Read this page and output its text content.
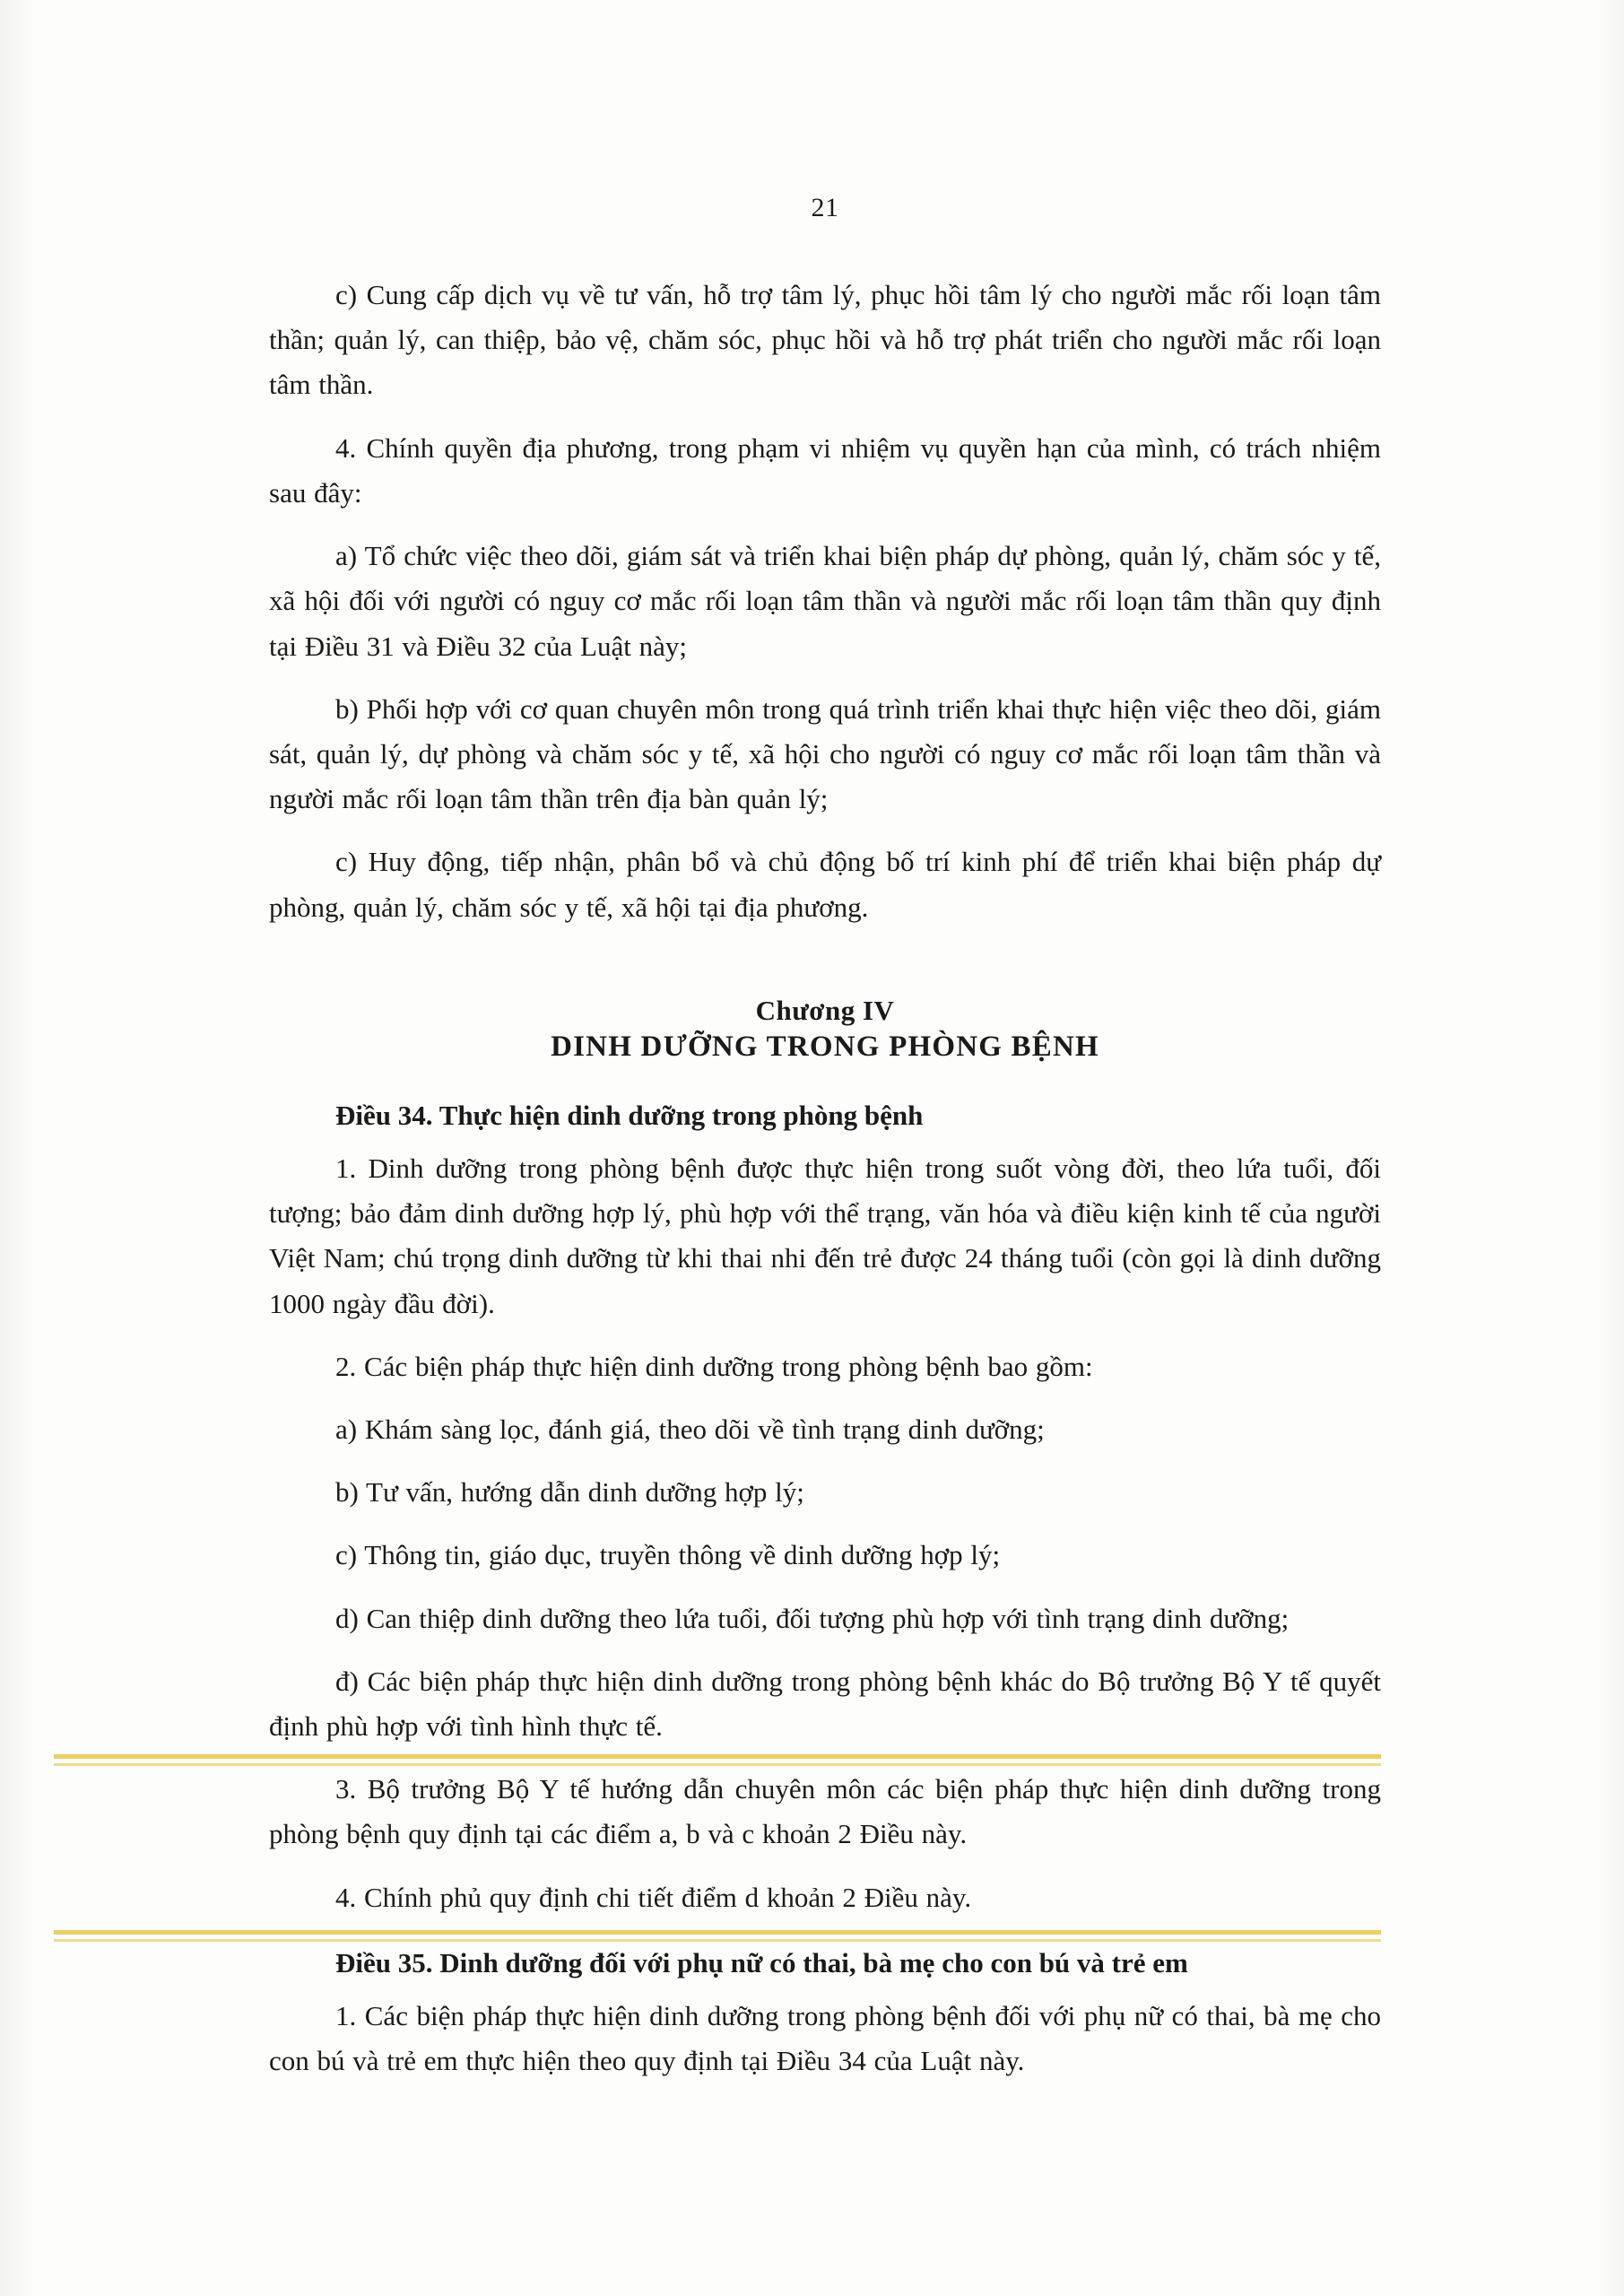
21

c) Cung cấp dịch vụ về tư vấn, hỗ trợ tâm lý, phục hồi tâm lý cho người mắc rối loạn tâm thần; quản lý, can thiệp, bảo vệ, chăm sóc, phục hồi và hỗ trợ phát triển cho người mắc rối loạn tâm thần.

4. Chính quyền địa phương, trong phạm vi nhiệm vụ quyền hạn của mình, có trách nhiệm sau đây:

a) Tổ chức việc theo dõi, giám sát và triển khai biện pháp dự phòng, quản lý, chăm sóc y tế, xã hội đối với người có nguy cơ mắc rối loạn tâm thần và người mắc rối loạn tâm thần quy định tại Điều 31 và Điều 32 của Luật này;

b) Phối hợp với cơ quan chuyên môn trong quá trình triển khai thực hiện việc theo dõi, giám sát, quản lý, dự phòng và chăm sóc y tế, xã hội cho người có nguy cơ mắc rối loạn tâm thần và người mắc rối loạn tâm thần trên địa bàn quản lý;

c) Huy động, tiếp nhận, phân bổ và chủ động bố trí kinh phí để triển khai biện pháp dự phòng, quản lý, chăm sóc y tế, xã hội tại địa phương.

Chương IV
DINH DƯỠNG TRONG PHÒNG BỆNH
Điều 34. Thực hiện dinh dưỡng trong phòng bệnh

1. Dinh dưỡng trong phòng bệnh được thực hiện trong suốt vòng đời, theo lứa tuổi, đối tượng; bảo đảm dinh dưỡng hợp lý, phù hợp với thể trạng, văn hóa và điều kiện kinh tế của người Việt Nam; chú trọng dinh dưỡng từ khi thai nhi đến trẻ được 24 tháng tuổi (còn gọi là dinh dưỡng 1000 ngày đầu đời).

2. Các biện pháp thực hiện dinh dưỡng trong phòng bệnh bao gồm:

a) Khám sàng lọc, đánh giá, theo dõi về tình trạng dinh dưỡng;

b) Tư vấn, hướng dẫn dinh dưỡng hợp lý;

c) Thông tin, giáo dục, truyền thông về dinh dưỡng hợp lý;

d) Can thiệp dinh dưỡng theo lứa tuổi, đối tượng phù hợp với tình trạng dinh dưỡng;

đ) Các biện pháp thực hiện dinh dưỡng trong phòng bệnh khác do Bộ trưởng Bộ Y tế quyết định phù hợp với tình hình thực tế.

3. Bộ trưởng Bộ Y tế hướng dẫn chuyên môn các biện pháp thực hiện dinh dưỡng trong phòng bệnh quy định tại các điểm a, b và c khoản 2 Điều này.

4. Chính phủ quy định chi tiết điểm d khoản 2 Điều này.

Điều 35. Dinh dưỡng đối với phụ nữ có thai, bà mẹ cho con bú và trẻ em

1. Các biện pháp thực hiện dinh dưỡng trong phòng bệnh đối với phụ nữ có thai, bà mẹ cho con bú và trẻ em thực hiện theo quy định tại Điều 34 của Luật này.
